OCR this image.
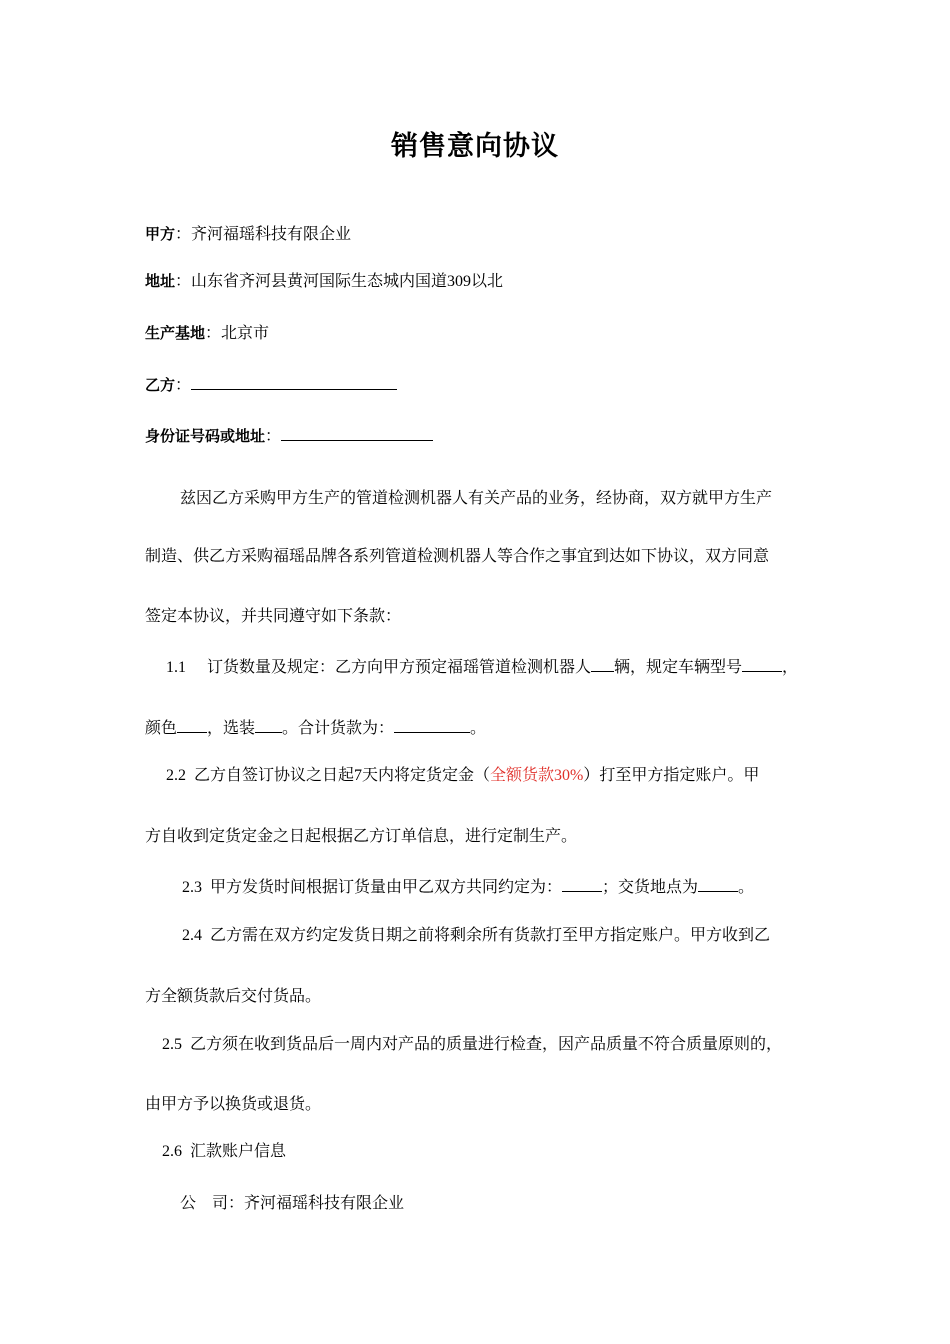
销售意向协议
甲方：齐河福瑶科技有限企业
地址：山东省齐河县黄河国际生态城内国道309以北
生产基地：北京市
乙方：
身份证号码或地址：
兹因乙方采购甲方生产的管道检测机器人有关产品的业务，经协商，双方就甲方生产
制造、供乙方采购福瑶品牌各系列管道检测机器人等合作之事宜到达如下协议，双方同意
签定本协议，并共同遵守如下条款：
1.1 订货数量及规定：乙方向甲方预定福瑶管道检测机器人 辆，规定车辆型号	，
颜色 ，选装 。合计货款为：	。
2.2 乙方自签订协议之日起7天内将定货定金（全额货款30%）打至甲方指定账户。甲
方自收到定货定金之日起根据乙方订单信息，进行定制生产。
2.3 甲方发货时间根据订货量由甲乙双方共同约定为：	；交货地点为	。
2.4 乙方需在双方约定发货日期之前将剩余所有货款打至甲方指定账户。甲方收到乙
方全额货款后交付货品。
2.5 乙方须在收到货品后一周内对产品的质量进行检查，因产品质量不符合质量原则的，
由甲方予以换货或退货。
2.6 汇款账户信息
公　司：齐河福瑶科技有限企业
